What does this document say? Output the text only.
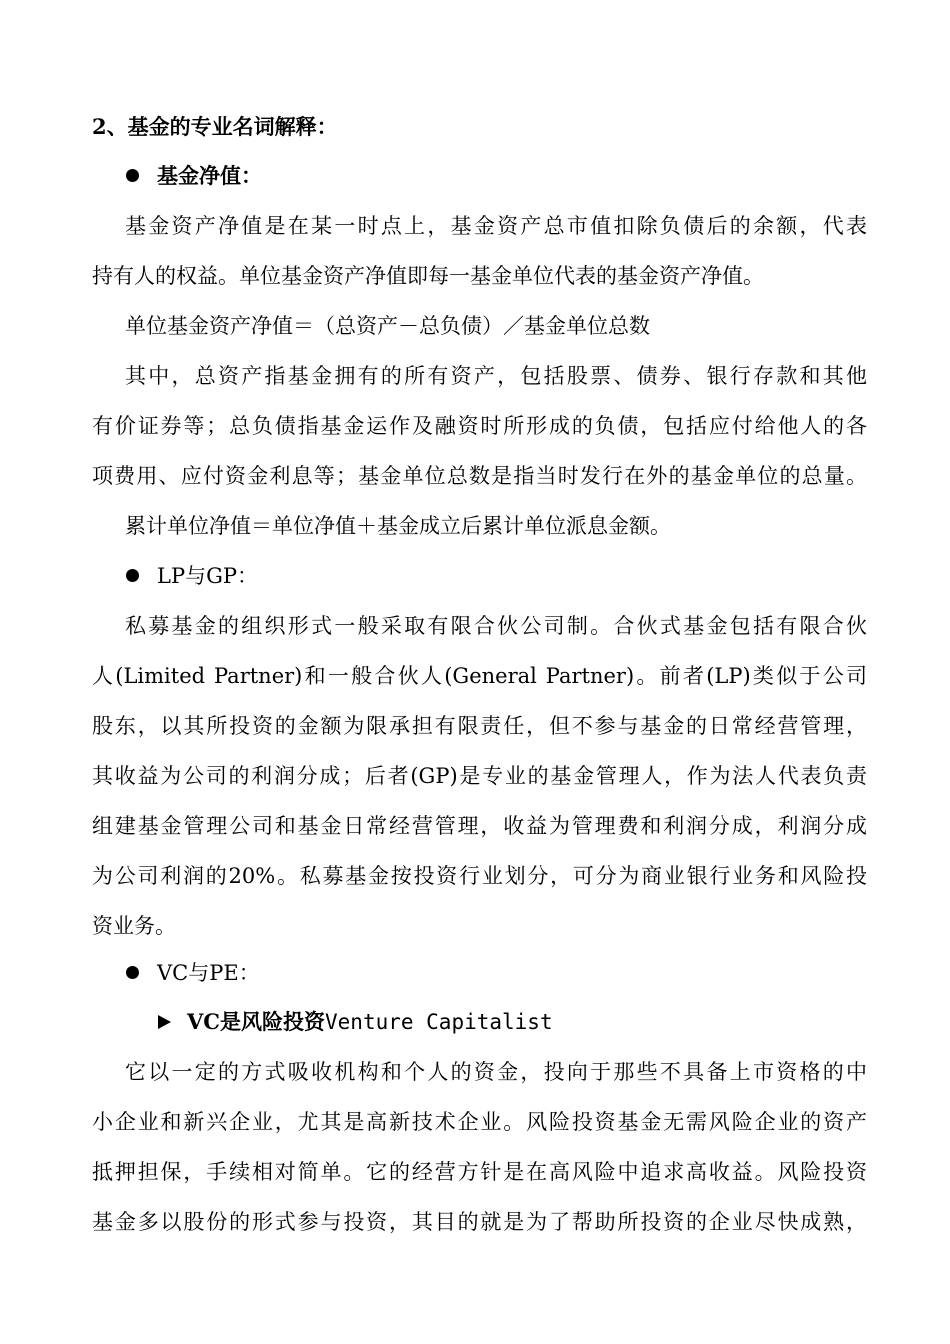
2、基金的专业名词解释：
基金净值：
基金资产净值是在某一时点上，基金资产总市值扣除负债后的余额，代表
持有人的权益。单位基金资产净值即每一基金单位代表的基金资产净值。
单位基金资产净值＝（总资产－总负债）／基金单位总数
其中，总资产指基金拥有的所有资产，包括股票、债券、银行存款和其他
有价证券等；总负债指基金运作及融资时所形成的负债，包括应付给他人的各
项费用、应付资金利息等；基金单位总数是指当时发行在外的基金单位的总量。
累计单位净值＝单位净值＋基金成立后累计单位派息金额。
LP与GP：
私募基金的组织形式一般采取有限合伙公司制。合伙式基金包括有限合伙
人(Limited Partner)和一般合伙人(General Partner)。前者(LP)类似于公司
股东，以其所投资的金额为限承担有限责任，但不参与基金的日常经营管理，
其收益为公司的利润分成；后者(GP)是专业的基金管理人，作为法人代表负责
组建基金管理公司和基金日常经营管理，收益为管理费和利润分成，利润分成
为公司利润的20%。私募基金按投资行业划分，可分为商业银行业务和风险投
资业务。
VC与PE：
VC是风险投资Venture Capitalist
它以一定的方式吸收机构和个人的资金，投向于那些不具备上市资格的中
小企业和新兴企业，尤其是高新技术企业。风险投资基金无需风险企业的资产
抵押担保，手续相对简单。它的经营方针是在高风险中追求高收益。风险投资
基金多以股份的形式参与投资，其目的就是为了帮助所投资的企业尽快成熟，
